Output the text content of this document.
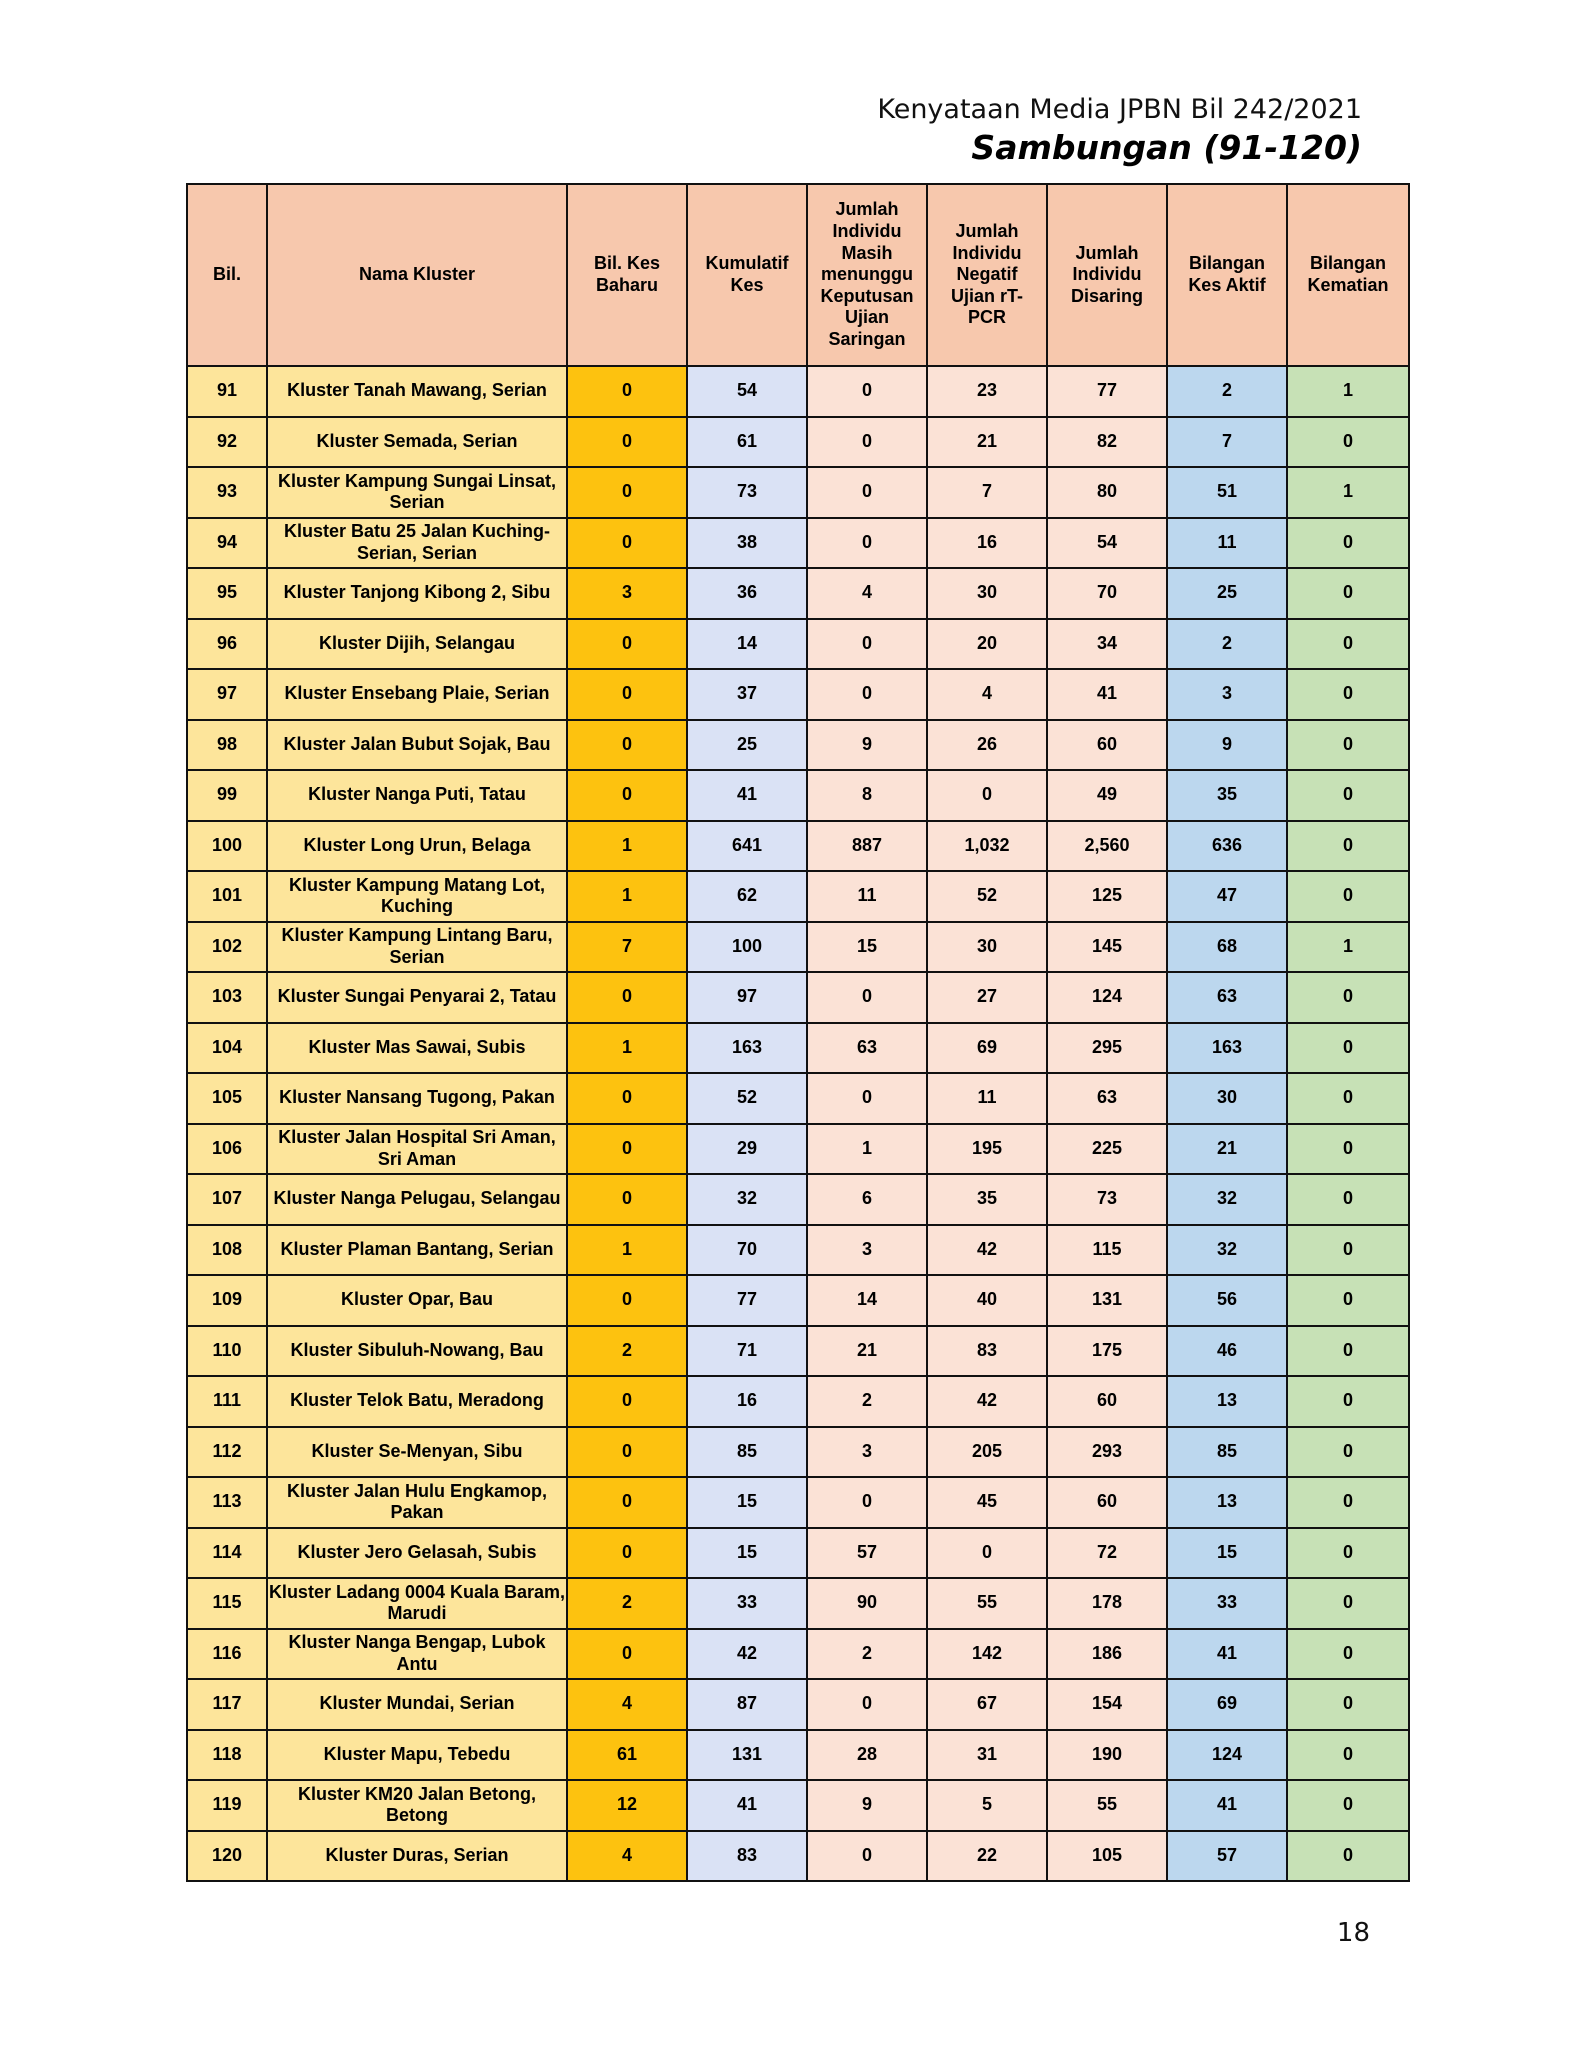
Kenyataan Media JPBN Bil 242/2021
Sambungan (91-120)
Bil.	Nama Kluster	Bil. Kes Baharu	Kumulatif Kes	Jumlah Individu Masih menunggu Keputusan Ujian Saringan	Jumlah Individu Negatif Ujian rT-PCR	Jumlah Individu Disaring	Bilangan Kes Aktif	Bilangan Kematian
91	Kluster Tanah Mawang, Serian	0	54	0	23	77	2	1
92	Kluster Semada, Serian	0	61	0	21	82	7	0
93	Kluster Kampung Sungai Linsat, Serian	0	73	0	7	80	51	1
94	Kluster Batu 25 Jalan Kuching-Serian, Serian	0	38	0	16	54	11	0
95	Kluster Tanjong Kibong 2, Sibu	3	36	4	30	70	25	0
96	Kluster Dijih, Selangau	0	14	0	20	34	2	0
97	Kluster Ensebang Plaie, Serian	0	37	0	4	41	3	0
98	Kluster Jalan Bubut Sojak, Bau	0	25	9	26	60	9	0
99	Kluster Nanga Puti, Tatau	0	41	8	0	49	35	0
100	Kluster Long Urun, Belaga	1	641	887	1,032	2,560	636	0
101	Kluster Kampung Matang Lot, Kuching	1	62	11	52	125	47	0
102	Kluster Kampung Lintang Baru, Serian	7	100	15	30	145	68	1
103	Kluster Sungai Penyarai 2, Tatau	0	97	0	27	124	63	0
104	Kluster Mas Sawai, Subis	1	163	63	69	295	163	0
105	Kluster Nansang Tugong, Pakan	0	52	0	11	63	30	0
106	Kluster Jalan Hospital Sri Aman, Sri Aman	0	29	1	195	225	21	0
107	Kluster Nanga Pelugau, Selangau	0	32	6	35	73	32	0
108	Kluster Plaman Bantang, Serian	1	70	3	42	115	32	0
109	Kluster Opar, Bau	0	77	14	40	131	56	0
110	Kluster Sibuluh-Nowang, Bau	2	71	21	83	175	46	0
111	Kluster Telok Batu, Meradong	0	16	2	42	60	13	0
112	Kluster Se-Menyan, Sibu	0	85	3	205	293	85	0
113	Kluster Jalan Hulu Engkamop, Pakan	0	15	0	45	60	13	0
114	Kluster Jero Gelasah, Subis	0	15	57	0	72	15	0
115	Kluster Ladang 0004 Kuala Baram, Marudi	2	33	90	55	178	33	0
116	Kluster Nanga Bengap, Lubok Antu	0	42	2	142	186	41	0
117	Kluster Mundai, Serian	4	87	0	67	154	69	0
118	Kluster Mapu, Tebedu	61	131	28	31	190	124	0
119	Kluster KM20 Jalan Betong, Betong	12	41	9	5	55	41	0
120	Kluster Duras, Serian	4	83	0	22	105	57	0
18
